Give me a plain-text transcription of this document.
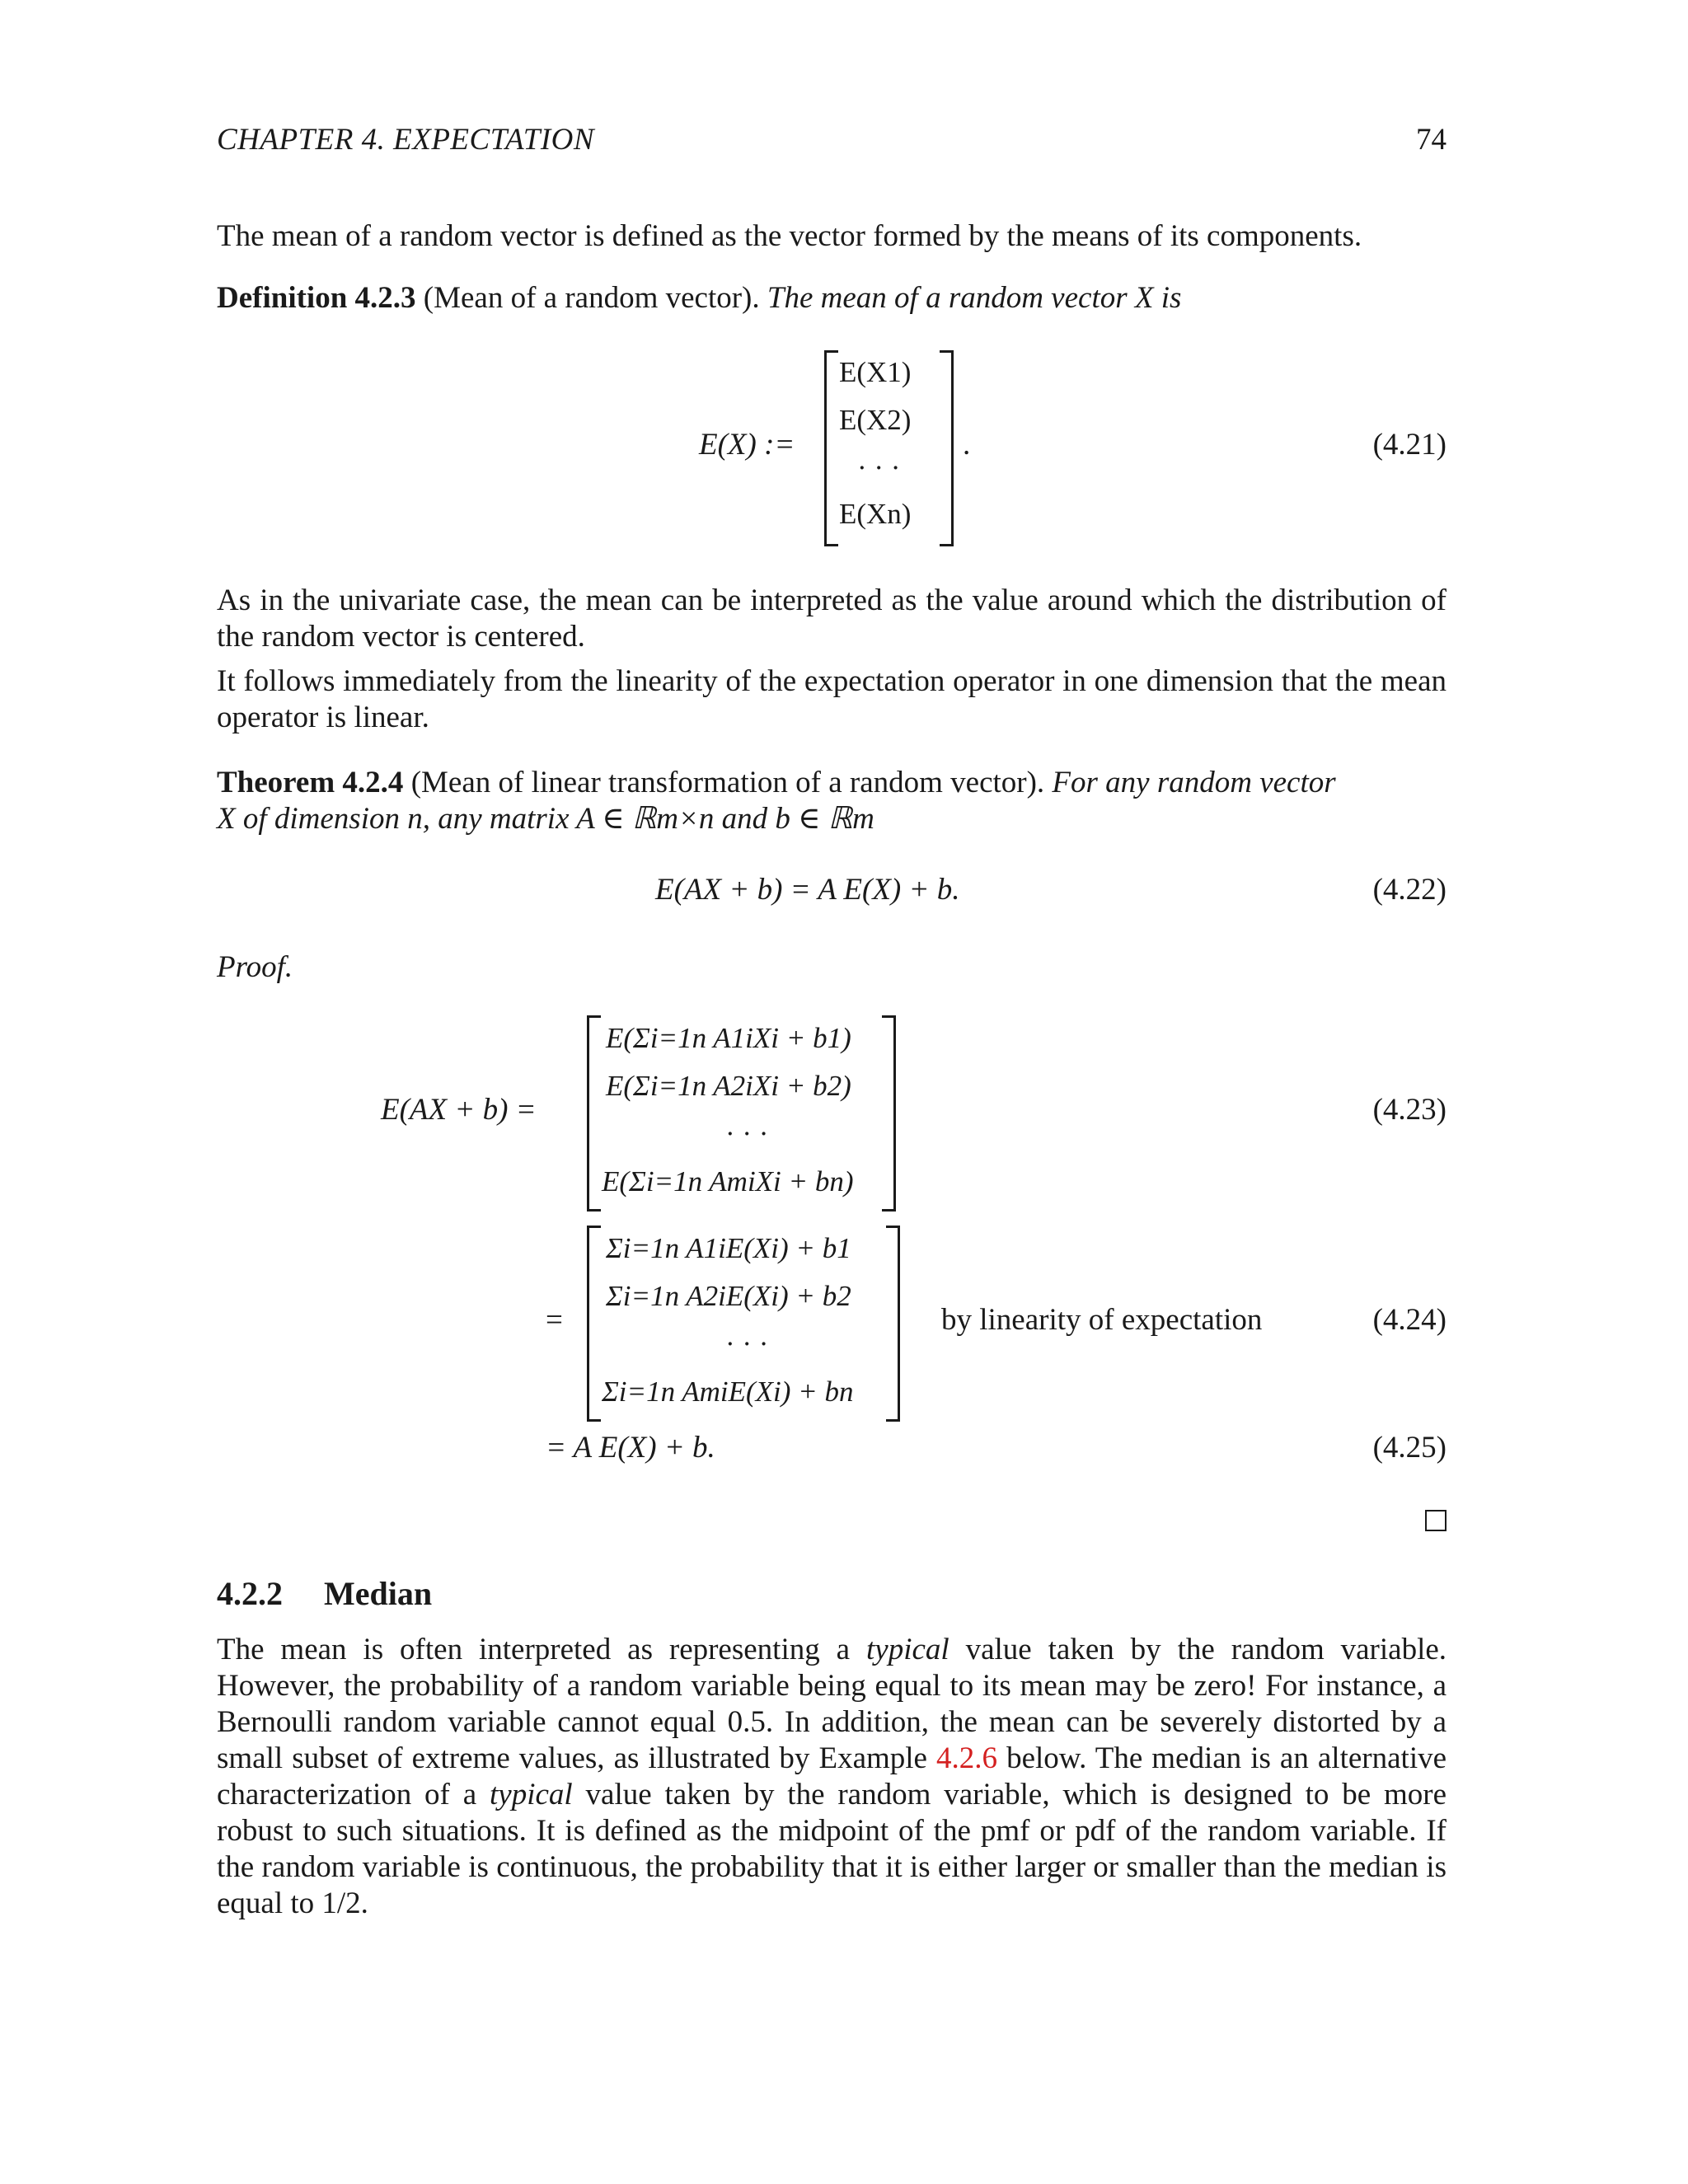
CHAPTER 4. EXPECTATION	74

The mean of a random vector is defined as the vector formed by the means of its components.

Definition 4.2.3 (Mean of a random vector). The mean of a random vector X is

E(X) :=
E(X1)
E(X2)
· · ·
E(Xn)
.	(4.21)

As in the univariate case, the mean can be interpreted as the value around which the distribution of the random vector is centered.

It follows immediately from the linearity of the expectation operator in one dimension that the mean operator is linear.

Theorem 4.2.4 (Mean of linear transformation of a random vector). For any random vector
X of dimension n, any matrix A ∈ ℝm×n and b ∈ ℝm

E(AX + b) = A E(X) + b.	(4.22)
Proof.
E(AX + b) =
E(Σi=1n A1iXi + b1)
E(Σi=1n A2iXi + b2)
· · ·
E(Σi=1n AmiXi + bn)
(4.23)
=
Σi=1n A1iE(Xi) + b1
Σi=1n A2iE(Xi) + b2
· · ·
Σi=1n AmiE(Xi) + bn
by linearity of expectation	(4.24)
= A E(X) + b.	(4.25)
4.2.2 Median

The mean is often interpreted as representing a typical value taken by the random variable. However, the probability of a random variable being equal to its mean may be zero! For instance, a Bernoulli random variable cannot equal 0.5. In addition, the mean can be severely distorted by a small subset of extreme values, as illustrated by Example 4.2.6 below. The median is an alternative characterization of a typical value taken by the random variable, which is designed to be more robust to such situations. It is defined as the midpoint of the pmf or pdf of the random variable. If the random variable is continuous, the probability that it is either larger or smaller than the median is equal to 1/2.
